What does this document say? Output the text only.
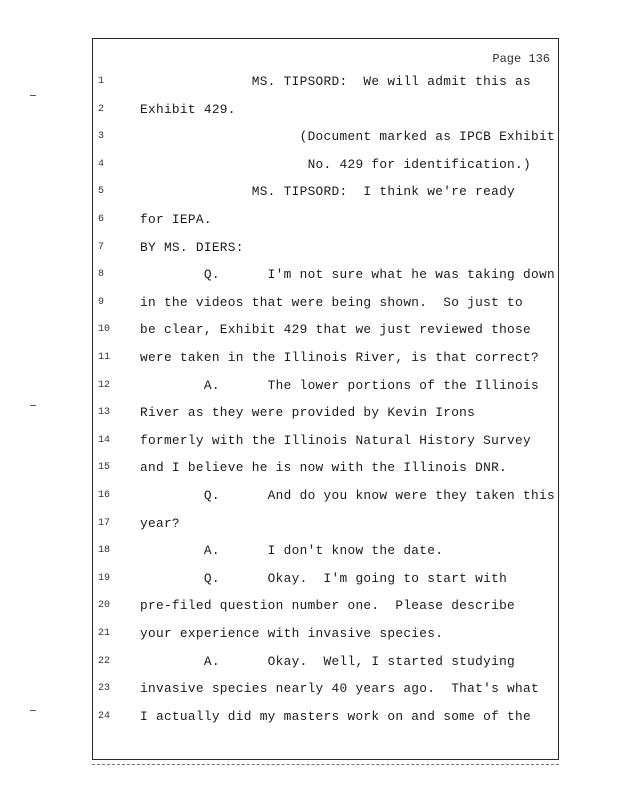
Page 136
1	MS. TIPSORD:  We will admit this as
2	Exhibit 429.
3	(Document marked as IPCB Exhibit
4	No. 429 for identification.)
5	MS. TIPSORD:  I think we're ready
6	for IEPA.
7	BY MS. DIERS:
8	Q.      I'm not sure what he was taking down
9	in the videos that were being shown.  So just to
10	be clear, Exhibit 429 that we just reviewed those
11	were taken in the Illinois River, is that correct?
12	A.      The lower portions of the Illinois
13	River as they were provided by Kevin Irons
14	formerly with the Illinois Natural History Survey
15	and I believe he is now with the Illinois DNR.
16	Q.      And do you know were they taken this
17	year?
18	A.      I don't know the date.
19	Q.      Okay.  I'm going to start with
20	pre-filed question number one.  Please describe
21	your experience with invasive species.
22	A.      Okay.  Well, I started studying
23	invasive species nearly 40 years ago.  That's what
24	I actually did my masters work on and some of the
